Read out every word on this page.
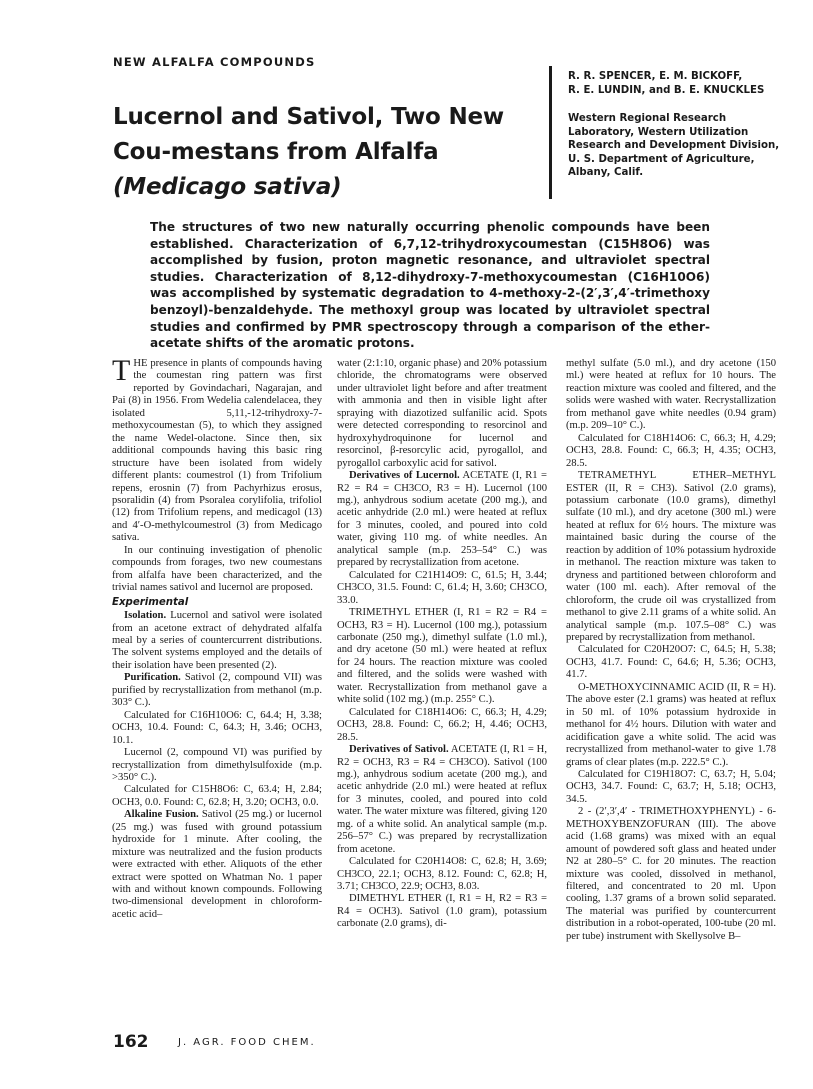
NEW ALFALFA COMPOUNDS
Lucernol and Sativol, Two New Cou-mestans from Alfalfa (Medicago sativa)
R. R. SPENCER, E. M. BICKOFF,
R. E. LUNDIN, and B. E. KNUCKLES
Western Regional Research Laboratory, Western Utilization Research and Development Division, U. S. Department of Agriculture, Albany, Calif.
The structures of two new naturally occurring phenolic compounds have been established. Characterization of 6,7,12-trihydroxycoumestan (C15H8O6) was accomplished by fusion, proton magnetic resonance, and ultraviolet spectral studies. Characterization of 8,12-dihydroxy-7-methoxycoumestan (C16H10O6) was accomplished by systematic degradation to 4-methoxy-2-(2′,3′,4′-trimethoxy benzoyl)-benzaldehyde. The methoxyl group was located by ultraviolet spectral studies and confirmed by PMR spectroscopy through a comparison of the ether-acetate shifts of the aromatic protons.

THE presence in plants of compounds having the coumestan ring pattern was first reported by Govindachari, Nagarajan, and Pai (8) in 1956. From Wedelia calendelacea, they isolated 5,11,-12-trihydroxy-7-methoxycoumestan (5), to which they assigned the name Wedel-olactone. Since then, six additional compounds having this basic ring structure have been isolated from widely different plants: coumestrol (1) from Trifolium repens, erosnin (7) from Pachyrhizus erosus, psoralidin (4) from Psoralea corylifolia, trifoliol (12) from Trifolium repens, and medicagol (13) and 4′-O-methylcoumestrol (3) from Medicago sativa.

In our continuing investigation of phenolic compounds from forages, two new coumestans from alfalfa have been characterized, and the trivial names sativol and lucernol are proposed.

Experimental

Isolation. Lucernol and sativol were isolated from an acetone extract of dehydrated alfalfa meal by a series of countercurrent distributions. The solvent systems employed and the details of their isolation have been presented (2).

Purification. Sativol (2, compound VII) was purified by recrystallization from methanol (m.p. 303° C.).

Calculated for C16H10O6: C, 64.4; H, 3.38; OCH3, 10.4. Found: C, 64.3; H, 3.46; OCH3, 10.1.

Lucernol (2, compound VI) was purified by recrystallization from dimethylsulfoxide (m.p. >350° C.).

Calculated for C15H8O6: C, 63.4; H, 2.84; OCH3, 0.0. Found: C, 62.8; H, 3.20; OCH3, 0.0.

Alkaline Fusion. Sativol (25 mg.) or lucernol (25 mg.) was fused with ground potassium hydroxide for 1 minute. After cooling, the mixture was neutralized and the fusion products were extracted with ether. Aliquots of the ether extract were spotted on Whatman No. 1 paper with and without known compounds. Following two-dimensional development in chloroform-acetic acid–

water (2:1:10, organic phase) and 20% potassium chloride, the chromatograms were observed under ultraviolet light before and after treatment with ammonia and then in visible light after spraying with diazotized sulfanilic acid. Spots were detected corresponding to resorcinol and hydroxyhydroquinone for lucernol and resorcinol, β-resorcylic acid, pyrogallol, and pyrogallol carboxylic acid for sativol.

Derivatives of Lucernol. ACETATE (I, R1 = R2 = R4 = CH3CO, R3 = H). Lucernol (100 mg.), anhydrous sodium acetate (200 mg.), and acetic anhydride (2.0 ml.) were heated at reflux for 3 minutes, cooled, and poured into cold water, giving 110 mg. of white needles. An analytical sample (m.p. 253–54° C.) was prepared by recrystallization from acetone.

Calculated for C21H14O9: C, 61.5; H, 3.44; CH3CO, 31.5. Found: C, 61.4; H, 3.60; CH3CO, 33.0.

TRIMETHYL ETHER (I, R1 = R2 = R4 = OCH3, R3 = H). Lucernol (100 mg.), potassium carbonate (250 mg.), dimethyl sulfate (1.0 ml.), and dry acetone (50 ml.) were heated at reflux for 24 hours. The reaction mixture was cooled and filtered, and the solids were washed with water. Recrystallization from methanol gave a white solid (102 mg.) (m.p. 255° C.).

Calculated for C18H14O6: C, 66.3; H, 4.29; OCH3, 28.8. Found: C, 66.2; H, 4.46; OCH3, 28.5.

Derivatives of Sativol. ACETATE (I, R1 = H, R2 = OCH3, R3 = R4 = CH3CO). Sativol (100 mg.), anhydrous sodium acetate (200 mg.), and acetic anhydride (2.0 ml.) were heated at reflux for 3 minutes, cooled, and poured into cold water. The water mixture was filtered, giving 120 mg. of a white solid. An analytical sample (m.p. 256–57° C.) was prepared by recrystallization from acetone.

Calculated for C20H14O8: C, 62.8; H, 3.69; CH3CO, 22.1; OCH3, 8.12. Found: C, 62.8; H, 3.71; CH3CO, 22.9; OCH3, 8.03.

DIMETHYL ETHER (I, R1 = H, R2 = R3 = R4 = OCH3). Sativol (1.0 gram), potassium carbonate (2.0 grams), di-

methyl sulfate (5.0 ml.), and dry acetone (150 ml.) were heated at reflux for 10 hours. The reaction mixture was cooled and filtered, and the solids were washed with water. Recrystallization from methanol gave white needles (0.94 gram) (m.p. 209–10° C.).

Calculated for C18H14O6: C, 66.3; H, 4.29; OCH3, 28.8. Found: C, 66.3; H, 4.35; OCH3, 28.5.

TETRAMETHYL ETHER–METHYL ESTER (II, R = CH3). Sativol (2.0 grams), potassium carbonate (10.0 grams), dimethyl sulfate (10 ml.), and dry acetone (300 ml.) were heated at reflux for 6½ hours. The mixture was maintained basic during the course of the reaction by addition of 10% potassium hydroxide in methanol. The reaction mixture was taken to dryness and partitioned between chloroform and water (100 ml. each). After removal of the chloroform, the crude oil was crystallized from methanol to give 2.11 grams of a white solid. An analytical sample (m.p. 107.5–08° C.) was prepared by recrystallization from methanol.

Calculated for C20H20O7: C, 64.5; H, 5.38; OCH3, 41.7. Found: C, 64.6; H, 5.36; OCH3, 41.7.

O-METHOXYCINNAMIC ACID (II, R = H). The above ester (2.1 grams) was heated at reflux in 50 ml. of 10% potassium hydroxide in methanol for 4½ hours. Dilution with water and acidification gave a white solid. The acid was recrystallized from methanol-water to give 1.78 grams of clear plates (m.p. 222.5° C.).

Calculated for C19H18O7: C, 63.7; H, 5.04; OCH3, 34.7. Found: C, 63.7; H, 5.18; OCH3, 34.5.

2 - (2′,3′,4′ - TRIMETHOXYPHENYL) - 6-METHOXYBENZOFURAN (III). The above acid (1.68 grams) was mixed with an equal amount of powdered soft glass and heated under N2 at 280–5° C. for 20 minutes. The reaction mixture was cooled, dissolved in methanol, filtered, and concentrated to 20 ml. Upon cooling, 1.37 grams of a brown solid separated. The material was purified by countercurrent distribution in a robot-operated, 100-tube (20 ml. per tube) instrument with Skellysolve B–

162	J. AGR. FOOD CHEM.
